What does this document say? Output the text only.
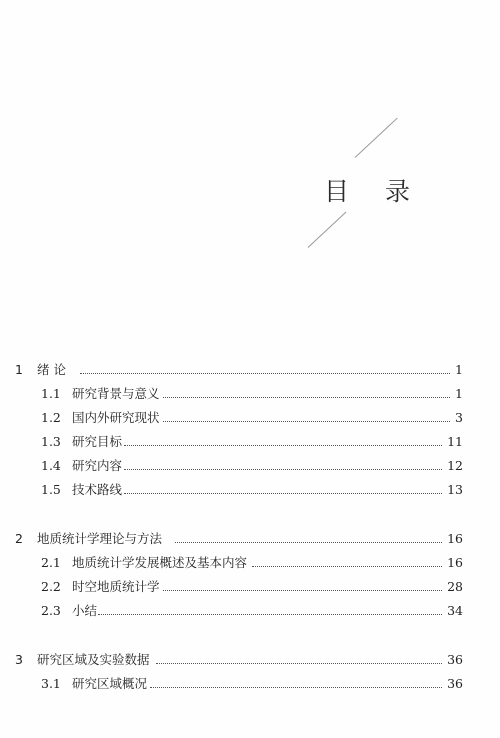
目 录
1 绪 论	1
1.1 研究背景与意义	1
1.2 国内外研究现状	3
1.3 研究目标	11
1.4 研究内容	12
1.5 技术路线	13
2 地质统计学理论与方法	16
2.1 地质统计学发展概述及基本内容	16
2.2 时空地质统计学	28
2.3 小结	34
3 研究区域及实验数据	36
3.1 研究区域概况	36
